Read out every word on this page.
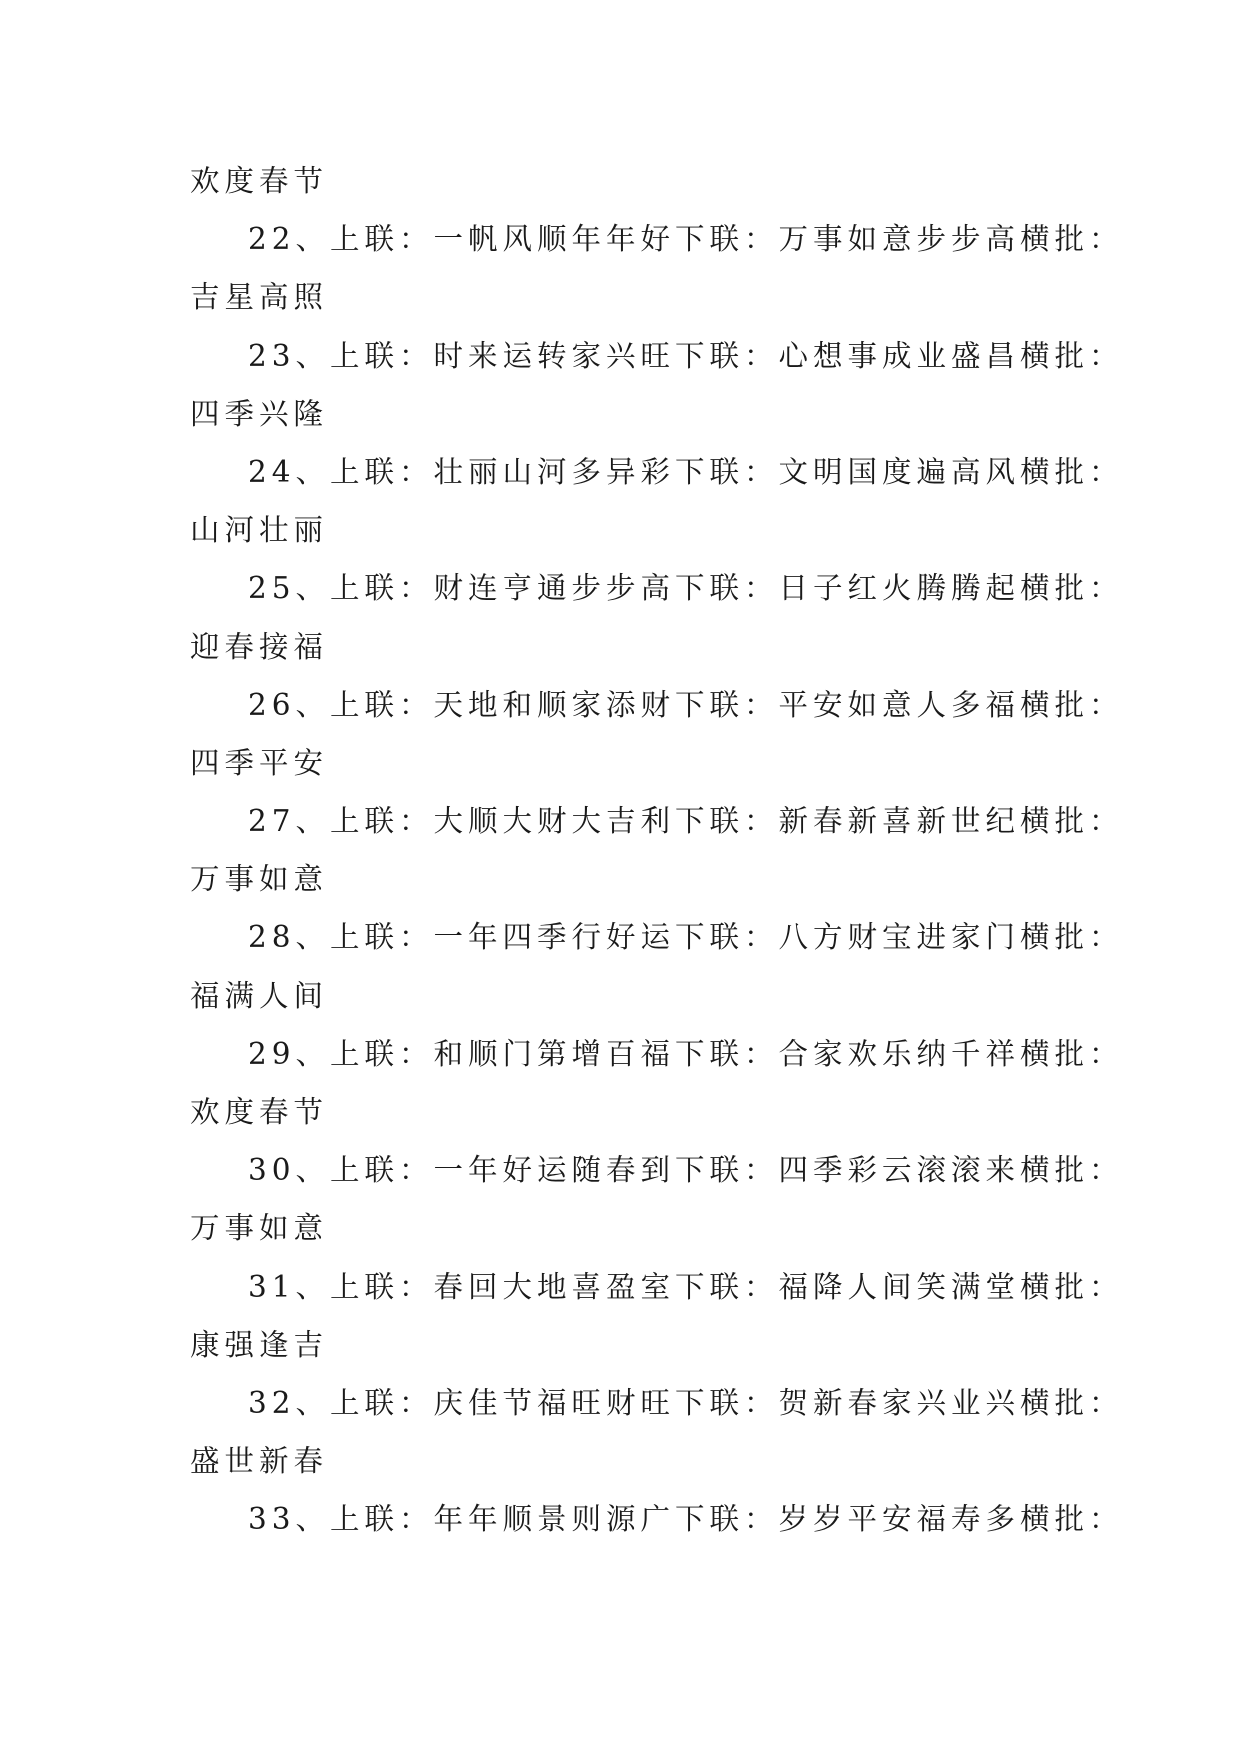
欢度春节
22、上联：一帆风顺年年好下联：万事如意步步高横批：
吉星高照
23、上联：时来运转家兴旺下联：心想事成业盛昌横批：
四季兴隆
24、上联：壮丽山河多异彩下联：文明国度遍高风横批：
山河壮丽
25、上联：财连亨通步步高下联：日子红火腾腾起横批：
迎春接福
26、上联：天地和顺家添财下联：平安如意人多福横批：
四季平安
27、上联：大顺大财大吉利下联：新春新喜新世纪横批：
万事如意
28、上联：一年四季行好运下联：八方财宝进家门横批：
福满人间
29、上联：和顺门第增百福下联：合家欢乐纳千祥横批：
欢度春节
30、上联：一年好运随春到下联：四季彩云滚滚来横批：
万事如意
31、上联：春回大地喜盈室下联：福降人间笑满堂横批：
康强逢吉
32、上联：庆佳节福旺财旺下联：贺新春家兴业兴横批：
盛世新春
33、上联：年年顺景则源广下联：岁岁平安福寿多横批：
